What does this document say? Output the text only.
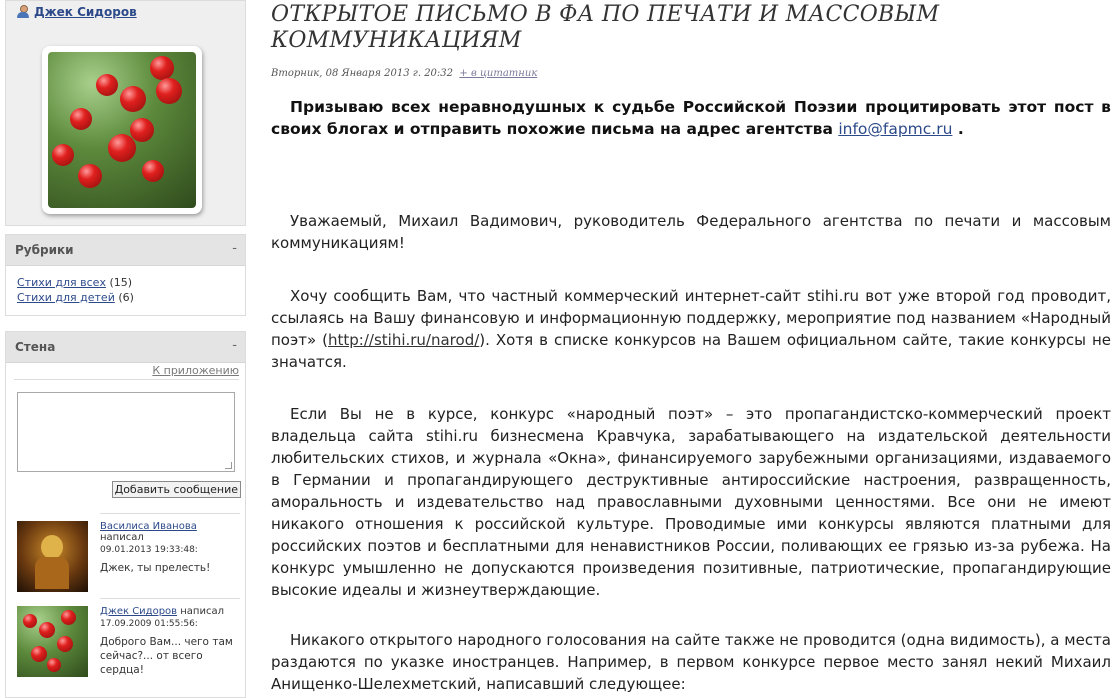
Джек Сидоров
Рубрики	-
Стихи для всех (15)
Стихи для детей (6)
Стена	-
К приложению
Добавить сообщение
Василиса Иванова написал
09.01.2013 19:33:48:
Джек, ты прелесть!
Джек Сидоров написал
17.09.2009 01:55:56:
Доброго Вам... чего там сейчас?... от всего сердца!
ОТКРЫТОЕ ПИСЬМО В ФА ПО ПЕЧАТИ И МАССОВЫМ КОММУНИКАЦИЯМ
Вторник, 08 Января 2013 г. 20:32 + в цитатник
Призываю всех неравнодушных к судьбе Российской Поэзии процитировать этот пост в своих блогах и отправить похожие письма на адрес агентства info@fapmc.ru .

Уважаемый, Михаил Вадимович, руководитель Федерального агентства по печати и массовым коммуникациям!

Хочу сообщить Вам, что частный коммерческий интернет-сайт stihi.ru вот уже второй год проводит, ссылаясь на Вашу финансовую и информационную поддержку, мероприятие под названием «Народный поэт» (http://stihi.ru/narod/). Хотя в списке конкурсов на Вашем официальном сайте, такие конкурсы не значатся.

Если Вы не в курсе, конкурс «народный поэт» – это пропагандистско-коммерческий проект владельца сайта stihi.ru бизнесмена Кравчука, зарабатывающего на издательской деятельности любительских стихов, и журнала «Окна», финансируемого зарубежными организациями, издаваемого в Германии и пропагандирующего деструктивные антироссийские настроения, развращенность, аморальность и издевательство над православными духовными ценностями. Все они не имеют никакого отношения к российской культуре. Проводимые ими конкурсы являются платными для российских поэтов и бесплатными для ненавистников России, поливающих ее грязью из-за рубежа. На конкурс умышленно не допускаются произведения позитивные, патриотические, пропагандирующие высокие идеалы и жизнеутверждающие.

Никакого открытого народного голосования на сайте также не проводится (одна видимость), а места раздаются по указке иностранцев. Например, в первом конкурсе первое место занял некий Михаил Анищенко-Шелехметский, написавший следующее:
